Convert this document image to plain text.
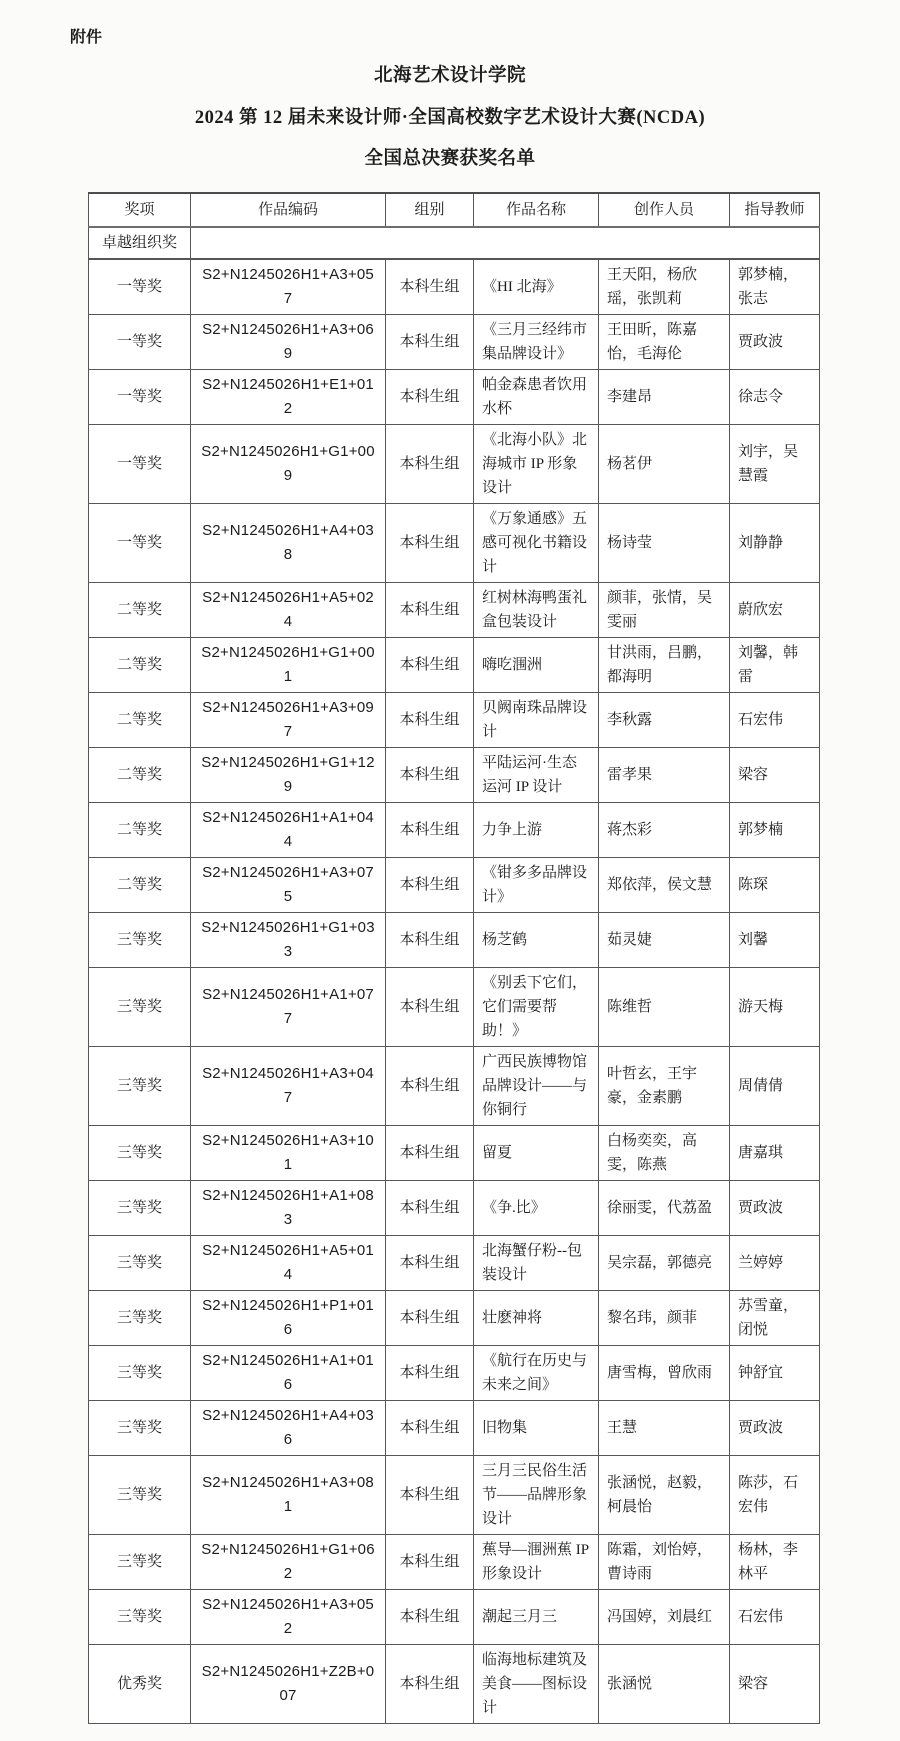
附件
北海艺术设计学院
2024 第 12 届未来设计师·全国高校数字艺术设计大赛(NCDA)
全国总决赛获奖名单
奖项	作品编码	组别	作品名称	创作人员	指导教师
卓越组织奖					
一等奖	S2+N1245026H1+A3+057	本科生组	《HI 北海》	王天阳，杨欣瑶，张凯莉	郭梦楠，张志
一等奖	S2+N1245026H1+A3+069	本科生组	《三月三经纬市集品牌设计》	王田昕，陈嘉怡，毛海伦	贾政波
一等奖	S2+N1245026H1+E1+012	本科生组	帕金森患者饮用水杯	李建昂	徐志令
一等奖	S2+N1245026H1+G1+009	本科生组	《北海小队》北海城市 IP 形象设计	杨茗伊	刘宇，吴慧霞
一等奖	S2+N1245026H1+A4+038	本科生组	《万象通感》五感可视化书籍设计	杨诗莹	刘静静
二等奖	S2+N1245026H1+A5+024	本科生组	红树林海鸭蛋礼盒包装设计	颜菲，张情，吴雯丽	蔚欣宏
二等奖	S2+N1245026H1+G1+001	本科生组	嗨吃涠洲	甘洪雨，吕鹏，都海明	刘馨，韩雷
二等奖	S2+N1245026H1+A3+097	本科生组	贝阙南珠品牌设计	李秋露	石宏伟
二等奖	S2+N1245026H1+G1+129	本科生组	平陆运河·生态运河 IP 设计	雷孝果	梁容
二等奖	S2+N1245026H1+A1+044	本科生组	力争上游	蒋杰彩	郭梦楠
二等奖	S2+N1245026H1+A3+075	本科生组	《钳多多品牌设计》	郑依萍，侯文慧	陈琛
三等奖	S2+N1245026H1+G1+033	本科生组	杨芝鹤	茹灵婕	刘馨
三等奖	S2+N1245026H1+A1+077	本科生组	《别丢下它们，它们需要帮助！》	陈维哲	游天梅
三等奖	S2+N1245026H1+A3+047	本科生组	广西民族博物馆品牌设计——与你铜行	叶哲玄，王宇豪，金素鹏	周倩倩
三等奖	S2+N1245026H1+A3+101	本科生组	留夏	白杨奕奕，高雯，陈燕	唐嘉琪
三等奖	S2+N1245026H1+A1+083	本科生组	《争.比》	徐丽雯，代荔盈	贾政波
三等奖	S2+N1245026H1+A5+014	本科生组	北海蟹仔粉--包装设计	吴宗磊，郭德亮	兰婷婷
三等奖	S2+N1245026H1+P1+016	本科生组	壮麽神将	黎名玮，颜菲	苏雪童，闭悦
三等奖	S2+N1245026H1+A1+016	本科生组	《航行在历史与未来之间》	唐雪梅，曾欣雨	钟舒宜
三等奖	S2+N1245026H1+A4+036	本科生组	旧物集	王慧	贾政波
三等奖	S2+N1245026H1+A3+081	本科生组	三月三民俗生活节——品牌形象设计	张涵悦，赵毅，柯晨怡	陈莎，石宏伟
三等奖	S2+N1245026H1+G1+062	本科生组	蕉导—涠洲蕉 IP 形象设计	陈霜，刘怡婷，曹诗雨	杨林，李林平
三等奖	S2+N1245026H1+A3+052	本科生组	潮起三月三	冯国婷，刘晨红	石宏伟
优秀奖	S2+N1245026H1+Z2B+007	本科生组	临海地标建筑及美食——图标设计	张涵悦	梁容
